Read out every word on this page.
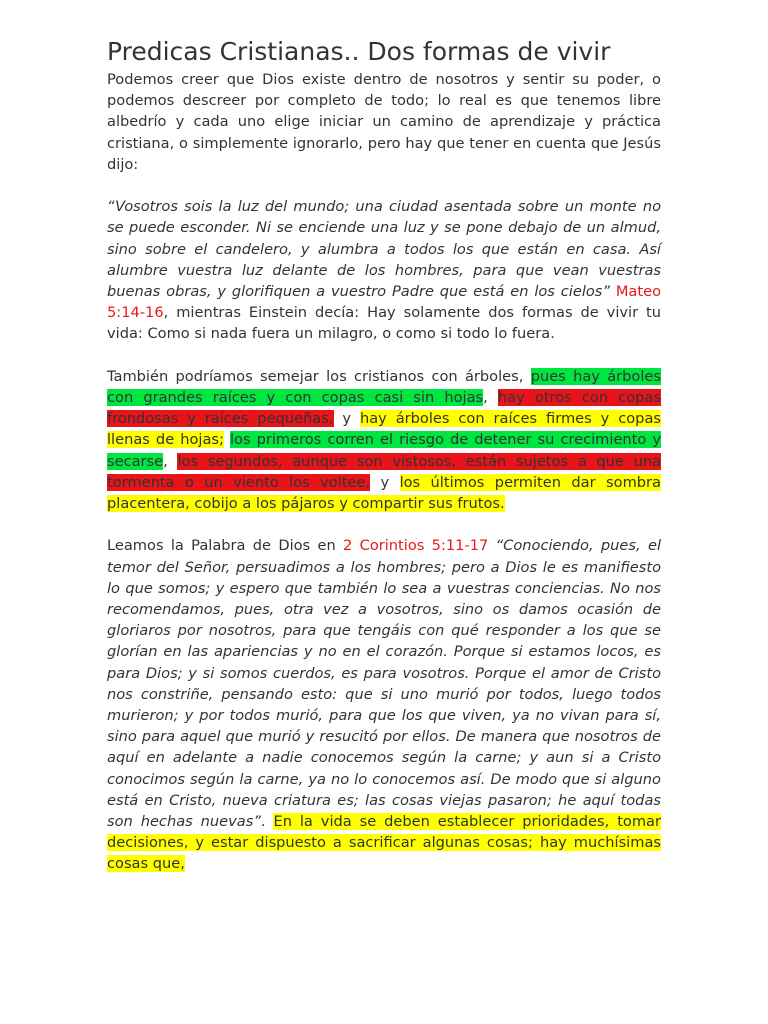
Predicas Cristianas.. Dos formas de vivir

Podemos creer que Dios existe dentro de nosotros y sentir su poder, o podemos descreer por completo de todo; lo real es que tenemos libre albedrío y cada uno elige iniciar un camino de aprendizaje y práctica cristiana, o simplemente ignorarlo, pero hay que tener en cuenta que Jesús dijo:

“Vosotros sois la luz del mundo; una ciudad asentada sobre un monte no se puede esconder. Ni se enciende una luz y se pone debajo de un almud, sino sobre el candelero, y alumbra a todos los que están en casa. Así alumbre vuestra luz delante de los hombres, para que vean vuestras buenas obras, y glorifiquen a vuestro Padre que está en los cielos” Mateo 5:14-16, mientras Einstein decía: Hay solamente dos formas de vivir tu vida: Como si nada fuera un milagro, o como si todo lo fuera.

También podríamos semejar los cristianos con árboles, pues hay árboles con grandes raíces y con copas casi sin hojas, hay otros con copas frondosas y raíces pequeñas, y hay árboles con raíces firmes y copas llenas de hojas; los primeros corren el riesgo de detener su crecimiento y secarse, los segundos, aunque son vistosos, están sujetos a que una tormenta o un viento los voltee, y los últimos permiten dar sombra placentera, cobijo a los pájaros y compartir sus frutos.

Leamos la Palabra de Dios en 2 Corintios 5:11-17 “Conociendo, pues, el temor del Señor, persuadimos a los hombres; pero a Dios le es manifiesto lo que somos; y espero que también lo sea a vuestras conciencias. No nos recomendamos, pues, otra vez a vosotros, sino os damos ocasión de gloriaros por nosotros, para que tengáis con qué responder a los que se glorían en las apariencias y no en el corazón. Porque si estamos locos, es para Dios; y si somos cuerdos, es para vosotros. Porque el amor de Cristo nos constriñe, pensando esto: que si uno murió por todos, luego todos murieron; y por todos murió, para que los que viven, ya no vivan para sí, sino para aquel que murió y resucitó por ellos. De manera que nosotros de aquí en adelante a nadie conocemos según la carne; y aun si a Cristo conocimos según la carne, ya no lo conocemos así. De modo que si alguno está en Cristo, nueva criatura es; las cosas viejas pasaron; he aquí todas son hechas nuevas”. En la vida se deben establecer prioridades, tomar decisiones, y estar dispuesto a sacrificar algunas cosas; hay muchísimas cosas que,
